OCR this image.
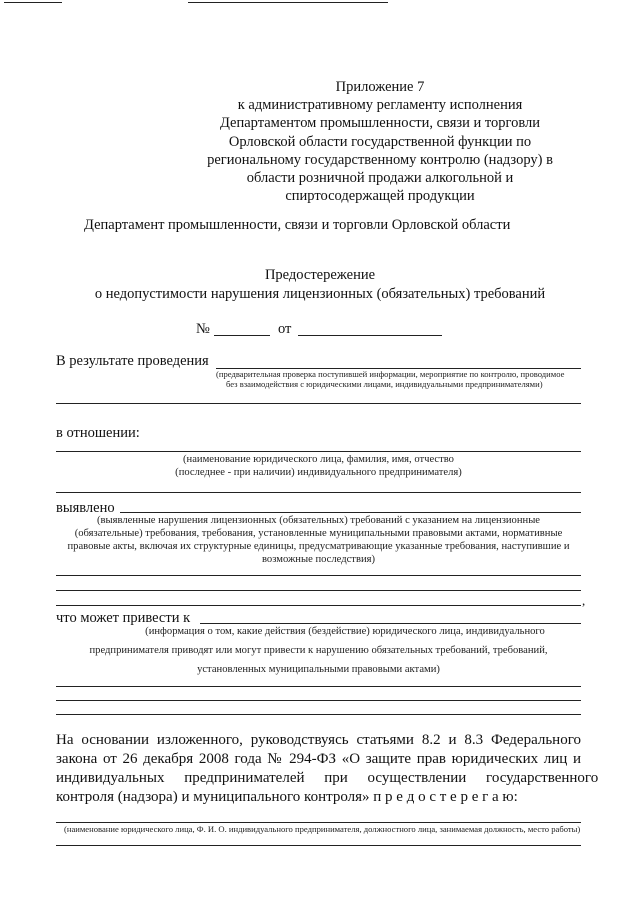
Приложение 7
к административному регламенту исполнения
Департаментом промышленности, связи и торговли
Орловской области государственной функции по
региональному государственному контролю (надзору) в
области розничной продажи алкогольной и
спиртосодержащей продукции
Департамент промышленности, связи и торговли Орловской области
Предостережение
о недопустимости нарушения лицензионных (обязательных) требований
№	от
В результате проведения
(предварительная проверка поступившей информации, мероприятие по контролю, проводимое
без взаимодействия с юридическими лицами, индивидуальными предпринимателями)
в отношении:
(наименование юридического лица, фамилия, имя, отчество
(последнее - при наличии) индивидуального предпринимателя)
выявлено
(выявленные нарушения лицензионных (обязательных) требований с указанием на лицензионные
(обязательные) требования, требования, установленные муниципальными правовыми актами, нормативные
правовые акты, включая их структурные единицы, предусматривающие указанные требования, наступившие и
возможные последствия)
,
что может привести к
(информация о том, какие действия (бездействие) юридического лица, индивидуального
предпринимателя приводят или могут привести к нарушению обязательных требований, требований,
установленных муниципальными правовыми актами)
На основании изложенного, руководствуясь статьями 8.2 и 8.3 Федерального
закона от 26 декабря 2008 года № 294-ФЗ «О защите прав юридических лиц и
индивидуальных предпринимателей при осуществлении государственного
контроля (надзора) и муниципального контроля» п р е д о с т е р е г а ю:
(наименование юридического лица, Ф. И. О. индивидуального предпринимателя, должностного лица, занимаемая должность, место работы)
